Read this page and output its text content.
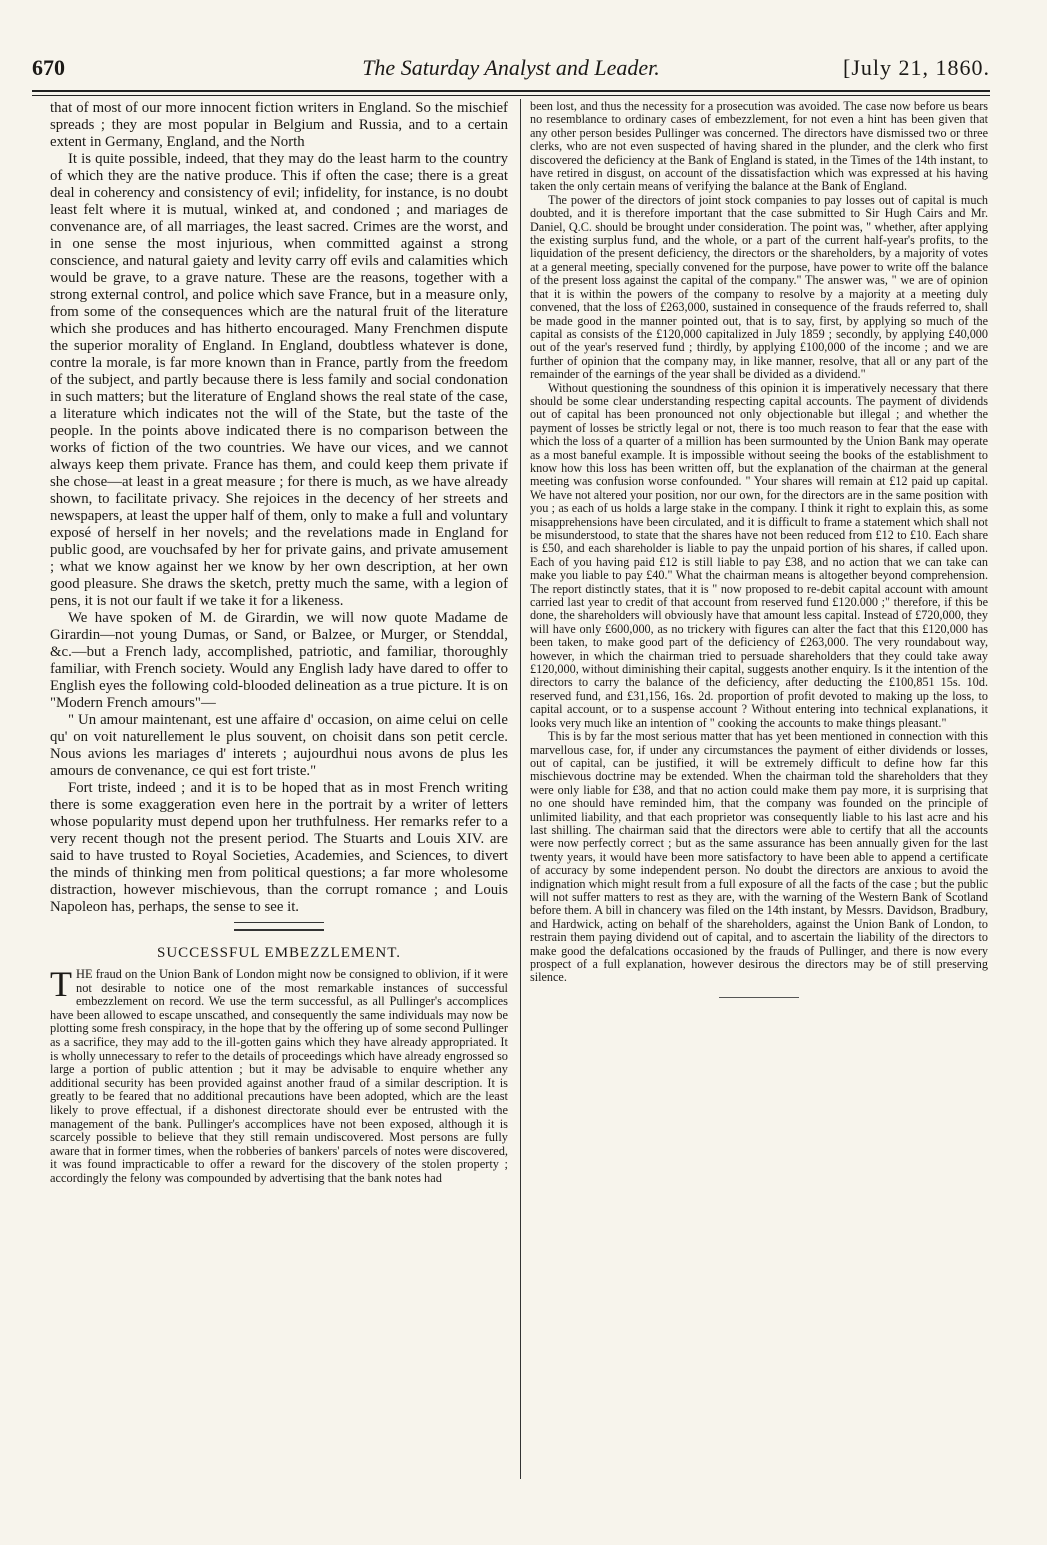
670	The Saturday Analyst and Leader.	[July 21, 1860.

that of most of our more innocent fiction writers in England. So the mischief spreads ; they are most popular in Belgium and Russia, and to a certain extent in Germany, England, and the North

It is quite possible, indeed, that they may do the least harm to the country of which they are the native produce. This if often the case; there is a great deal in coherency and consistency of evil; infidelity, for instance, is no doubt least felt where it is mutual, winked at, and condoned ; and mariages de convenance are, of all marriages, the least sacred. Crimes are the worst, and in one sense the most injurious, when committed against a strong conscience, and natural gaiety and levity carry off evils and calamities which would be grave, to a grave nature. These are the reasons, together with a strong external control, and police which save France, but in a measure only, from some of the consequences which are the natural fruit of the literature which she produces and has hitherto encouraged. Many Frenchmen dispute the superior morality of England. In England, doubtless whatever is done, contre la morale, is far more known than in France, partly from the freedom of the subject, and partly because there is less family and social condonation in such matters; but the literature of England shows the real state of the case, a literature which indicates not the will of the State, but the taste of the people. In the points above indicated there is no comparison between the works of fiction of the two countries. We have our vices, and we cannot always keep them private. France has them, and could keep them private if she chose—at least in a great measure ; for there is much, as we have already shown, to facilitate privacy. She rejoices in the decency of her streets and newspapers, at least the upper half of them, only to make a full and voluntary exposé of herself in her novels; and the revelations made in England for public good, are vouchsafed by her for private gains, and private amusement ; what we know against her we know by her own description, at her own good pleasure. She draws the sketch, pretty much the same, with a legion of pens, it is not our fault if we take it for a likeness.

We have spoken of M. de Girardin, we will now quote Madame de Girardin—not young Dumas, or Sand, or Balzee, or Murger, or Stenddal, &c.—but a French lady, accomplished, patriotic, and familiar, thoroughly familiar, with French society. Would any English lady have dared to offer to English eyes the following cold-blooded delineation as a true picture. It is on "Modern French amours"—

" Un amour maintenant, est une affaire d' occasion, on aime celui on celle qu' on voit naturellement le plus souvent, on choisit dans son petit cercle. Nous avions les mariages d' interets ; aujourdhui nous avons de plus les amours de convenance, ce qui est fort triste."

Fort triste, indeed ; and it is to be hoped that as in most French writing there is some exaggeration even here in the portrait by a writer of letters whose popularity must depend upon her truthfulness. Her remarks refer to a very recent though not the present period. The Stuarts and Louis XIV. are said to have trusted to Royal Societies, Academies, and Sciences, to divert the minds of thinking men from political questions; a far more wholesome distraction, however mischievous, than the corrupt romance ; and Louis Napoleon has, perhaps, the sense to see it.

SUCCESSFUL EMBEZZLEMENT.

THE fraud on the Union Bank of London might now be consigned to oblivion, if it were not desirable to notice one of the most remarkable instances of successful embezzlement on record. We use the term successful, as all Pullinger's accomplices have been allowed to escape unscathed, and consequently the same individuals may now be plotting some fresh conspiracy, in the hope that by the offering up of some second Pullinger as a sacrifice, they may add to the ill-gotten gains which they have already appropriated. It is wholly unnecessary to refer to the details of proceedings which have already engrossed so large a portion of public attention ; but it may be advisable to enquire whether any additional security has been provided against another fraud of a similar description. It is greatly to be feared that no additional precautions have been adopted, which are the least likely to prove effectual, if a dishonest directorate should ever be entrusted with the management of the bank. Pullinger's accomplices have not been exposed, although it is scarcely possible to believe that they still remain undiscovered. Most persons are fully aware that in former times, when the robberies of bankers' parcels of notes were discovered, it was found impracticable to offer a reward for the discovery of the stolen property ; accordingly the felony was compounded by advertising that the bank notes had

been lost, and thus the necessity for a prosecution was avoided. The case now before us bears no resemblance to ordinary cases of embezzlement, for not even a hint has been given that any other person besides Pullinger was concerned. The directors have dismissed two or three clerks, who are not even suspected of having shared in the plunder, and the clerk who first discovered the deficiency at the Bank of England is stated, in the Times of the 14th instant, to have retired in disgust, on account of the dissatisfaction which was expressed at his having taken the only certain means of verifying the balance at the Bank of England.

The power of the directors of joint stock companies to pay losses out of capital is much doubted, and it is therefore important that the case submitted to Sir Hugh Cairs and Mr. Daniel, Q.C. should be brought under consideration. The point was, " whether, after applying the existing surplus fund, and the whole, or a part of the current half-year's profits, to the liquidation of the present deficiency, the directors or the shareholders, by a majority of votes at a general meeting, specially convened for the purpose, have power to write off the balance of the present loss against the capital of the company." The answer was, " we are of opinion that it is within the powers of the company to resolve by a majority at a meeting duly convened, that the loss of £263,000, sustained in consequence of the frauds referred to, shall be made good in the manner pointed out, that is to say, first, by applying so much of the capital as consists of the £120,000 capitalized in July 1859 ; secondly, by applying £40,000 out of the year's reserved fund ; thirdly, by applying £100,000 of the income ; and we are further of opinion that the company may, in like manner, resolve, that all or any part of the remainder of the earnings of the year shall be divided as a dividend."

Without questioning the soundness of this opinion it is imperatively necessary that there should be some clear understanding respecting capital accounts. The payment of dividends out of capital has been pronounced not only objectionable but illegal ; and whether the payment of losses be strictly legal or not, there is too much reason to fear that the ease with which the loss of a quarter of a million has been surmounted by the Union Bank may operate as a most baneful example. It is impossible without seeing the books of the establishment to know how this loss has been written off, but the explanation of the chairman at the general meeting was confusion worse confounded. " Your shares will remain at £12 paid up capital. We have not altered your position, nor our own, for the directors are in the same position with you ; as each of us holds a large stake in the company. I think it right to explain this, as some misapprehensions have been circulated, and it is difficult to frame a statement which shall not be misunderstood, to state that the shares have not been reduced from £12 to £10. Each share is £50, and each shareholder is liable to pay the unpaid portion of his shares, if called upon. Each of you having paid £12 is still liable to pay £38, and no action that we can take can make you liable to pay £40." What the chairman means is altogether beyond comprehension. The report distinctly states, that it is " now proposed to re-debit capital account with amount carried last year to credit of that account from reserved fund £120.000 ;" therefore, if this be done, the shareholders will obviously have that amount less capital. Instead of £720,000, they will have only £600,000, as no trickery with figures can alter the fact that this £120,000 has been taken, to make good part of the deficiency of £263,000. The very roundabout way, however, in which the chairman tried to persuade shareholders that they could take away £120,000, without diminishing their capital, suggests another enquiry. Is it the intention of the directors to carry the balance of the deficiency, after deducting the £100,851 15s. 10d. reserved fund, and £31,156, 16s. 2d. proportion of profit devoted to making up the loss, to capital account, or to a suspense account ? Without entering into technical explanations, it looks very much like an intention of " cooking the accounts to make things pleasant."

This is by far the most serious matter that has yet been mentioned in connection with this marvellous case, for, if under any circumstances the payment of either dividends or losses, out of capital, can be justified, it will be extremely difficult to define how far this mischievous doctrine may be extended. When the chairman told the shareholders that they were only liable for £38, and that no action could make them pay more, it is surprising that no one should have reminded him, that the company was founded on the principle of unlimited liability, and that each proprietor was consequently liable to his last acre and his last shilling. The chairman said that the directors were able to certify that all the accounts were now perfectly correct ; but as the same assurance has been annually given for the last twenty years, it would have been more satisfactory to have been able to append a certificate of accuracy by some independent person. No doubt the directors are anxious to avoid the indignation which might result from a full exposure of all the facts of the case ; but the public will not suffer matters to rest as they are, with the warning of the Western Bank of Scotland before them. A bill in chancery was filed on the 14th instant, by Messrs. Davidson, Bradbury, and Hardwick, acting on behalf of the shareholders, against the Union Bank of London, to restrain them paying dividend out of capital, and to ascertain the liability of the directors to make good the defalcations occasioned by the frauds of Pullinger, and there is now every prospect of a full explanation, however desirous the directors may be of still preserving silence.
